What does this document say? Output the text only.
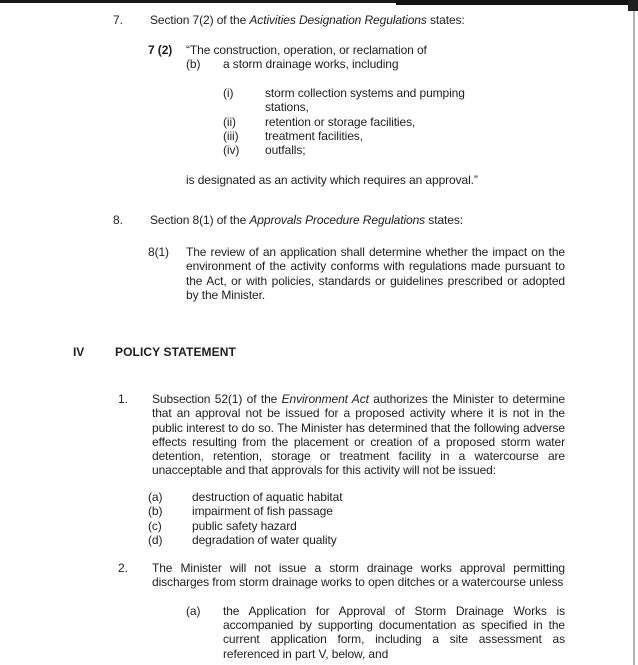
7.	Section 7(2) of the Activities Designation Regulations states:
7 (2)	“The construction, operation, or reclamation of
(b)	a storm drainage works, including
(i)	storm collection systems and pumping stations,
(ii)	retention or storage facilities,
(iii)	treatment facilities,
(iv)	outfalls;
is designated as an activity which requires an approval.”
8.	Section 8(1) of the Approvals Procedure Regulations states:
8(1)	The review of an application shall determine whether the impact on the environment of the activity conforms with regulations made pursuant to the Act, or with policies, standards or guidelines prescribed or adopted by the Minister.
IV	POLICY STATEMENT
1.	Subsection 52(1) of the Environment Act authorizes the Minister to determine that an approval not be issued for a proposed activity where it is not in the public interest to do so. The Minister has determined that the following adverse effects resulting from the placement or creation of a proposed storm water detention, retention, storage or treatment facility in a watercourse are unacceptable and that approvals for this activity will not be issued:
(a)	destruction of aquatic habitat
(b)	impairment of fish passage
(c)	public safety hazard
(d)	degradation of water quality
2.	The Minister will not issue a storm drainage works approval permitting discharges from storm drainage works to open ditches or a watercourse unless
(a)	the Application for Approval of Storm Drainage Works is accompanied by supporting documentation as specified in the current application form, including a site assessment as referenced in part V, below, and
